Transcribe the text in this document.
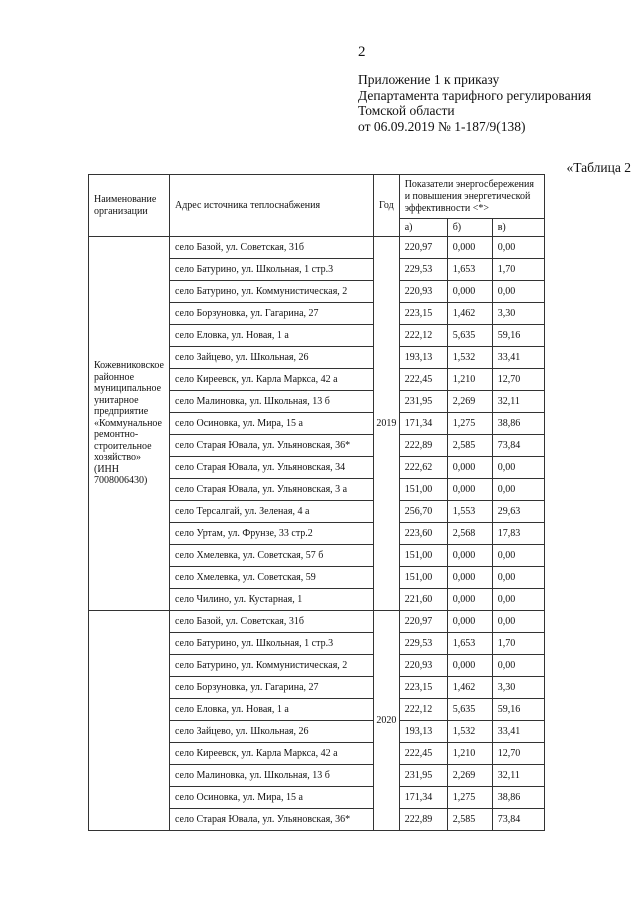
2
Приложение 1 к приказу
Департамента тарифного регулирования
Томской области
от 06.09.2019 № 1-187/9(138)
«Таблица 2
Наименование организации	Адрес источника теплоснабжения	Год	Показатели энергосбережения и повышения энергетической эффективности <*>		
			а)	б)	в)
Кожевниковское районное муниципальное унитарное предприятие «Коммунальное ремонтно-строительное хозяйство» (ИНН 7008006430)	село Базой, ул. Советская, 31б	2019	220,97	0,000	0,00
	село Батурино, ул. Школьная, 1 стр.3		229,53	1,653	1,70
	село Батурино, ул. Коммунистическая, 2		220,93	0,000	0,00
	село Борзуновка, ул. Гагарина, 27		223,15	1,462	3,30
	село Еловка, ул. Новая, 1 а		222,12	5,635	59,16
	село Зайцево, ул. Школьная, 26		193,13	1,532	33,41
	село Киреевск, ул. Карла Маркса, 42 а		222,45	1,210	12,70
	село Малиновка, ул. Школьная, 13 б		231,95	2,269	32,11
	село Осиновка, ул. Мира, 15 а		171,34	1,275	38,86
	село Старая Ювала, ул. Ульяновская, 36*		222,89	2,585	73,84
	село Старая Ювала, ул. Ульяновская, 34		222,62	0,000	0,00
	село Старая Ювала, ул. Ульяновская, 3 а		151,00	0,000	0,00
	село Терсалгай, ул. Зеленая, 4 а		256,70	1,553	29,63
	село Уртам, ул. Фрунзе, 33 стр.2		223,60	2,568	17,83
	село Хмелевка, ул. Советская, 57 б		151,00	0,000	0,00
	село Хмелевка, ул. Советская, 59		151,00	0,000	0,00
	село Чилино, ул. Кустарная, 1		221,60	0,000	0,00
	село Базой, ул. Советская, 31б	2020	220,97	0,000	0,00
	село Батурино, ул. Школьная, 1 стр.3		229,53	1,653	1,70
	село Батурино, ул. Коммунистическая, 2		220,93	0,000	0,00
	село Борзуновка, ул. Гагарина, 27		223,15	1,462	3,30
	село Еловка, ул. Новая, 1 а		222,12	5,635	59,16
	село Зайцево, ул. Школьная, 26		193,13	1,532	33,41
	село Киреевск, ул. Карла Маркса, 42 а		222,45	1,210	12,70
	село Малиновка, ул. Школьная, 13 б		231,95	2,269	32,11
	село Осиновка, ул. Мира, 15 а		171,34	1,275	38,86
	село Старая Ювала, ул. Ульяновская, 36*		222,89	2,585	73,84
